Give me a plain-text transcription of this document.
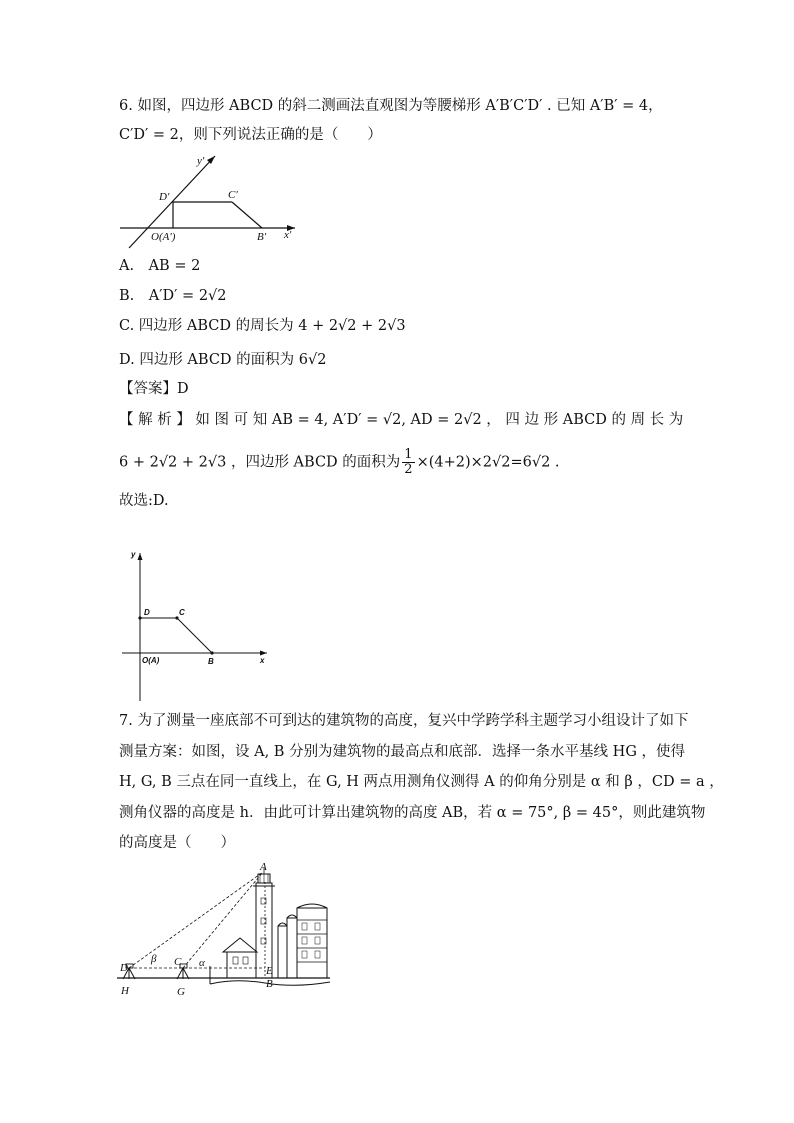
6. 如图，四边形 ABCD 的斜二测画法直观图为等腰梯形 A′B′C′D′ . 已知 A′B′ = 4，
C′D′ = 2，则下列说法正确的是（　　）
y′
x′
D′	C′
O(A′)	B′
A.　AB = 2
B.　A′D′ = 2√2
C. 四边形 ABCD 的周长为 4 + 2√2 + 2√3
D. 四边形 ABCD 的面积为 6√2
【答案】D
【 解 析 】 如 图 可 知 AB = 4, A′D′ = √2, AD = 2√2 ， 四 边 形 ABCD 的 周 长 为
6 + 2√2 + 2√3 ，四边形 ABCD 的面积为 $\frac{1}{2} \times(4+2)\times 2√2=6√2$ .
故选:D.
y
x
D	C
O(A)	B
7. 为了测量一座底部不可到达的建筑物的高度，复兴中学跨学科主题学习小组设计了如下
测量方案：如图，设 A, B 分别为建筑物的最高点和底部．选择一条水平基线 HG ，使得
H, G, B 三点在同一直线上，在 G, H 两点用测角仪测得 A 的仰角分别是 α 和 β ，CD = a ，
测角仪器的高度是 h．由此可计算出建筑物的高度 AB，若 α = 75°, β = 45°，则此建筑物
的高度是（　　）
A
D
β C α
E
H	G
B
